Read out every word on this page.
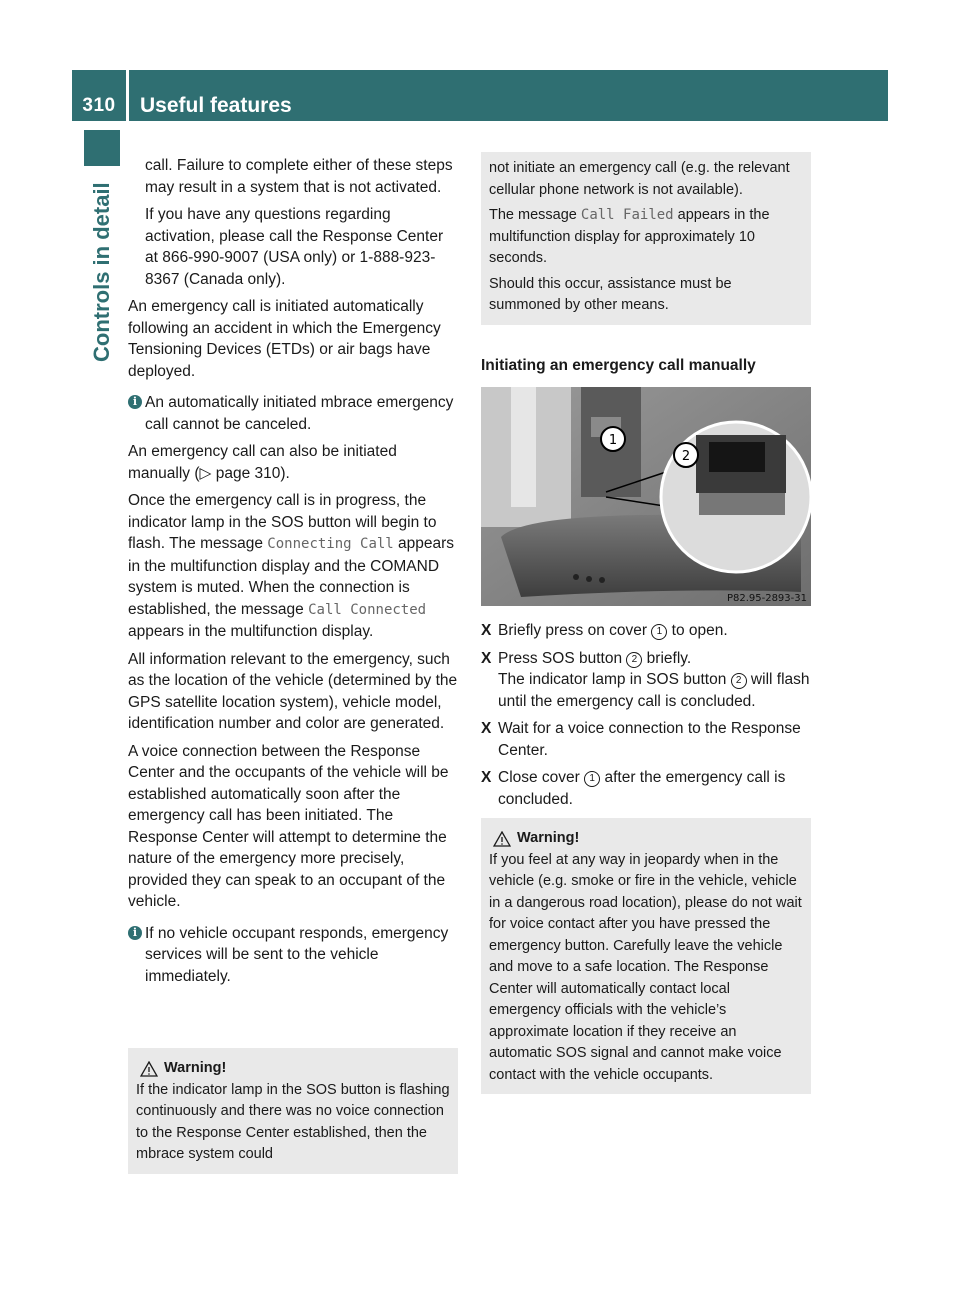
310	Useful features
Controls in detail

call. Failure to complete either of these steps may result in a system that is not activated.

If you have any questions regarding activation, please call the Response Center at 866-990-9007 (USA only) or 1-888-923-8367 (Canada only).

An emergency call is initiated automatically following an accident in which the Emergency Tensioning Devices (ETDs) or air bags have deployed.

i An automatically initiated mbrace emergency call cannot be canceled.

An emergency call can also be initiated manually (▷ page 310).

Once the emergency call is in progress, the indicator lamp in the SOS button will begin to flash. The message Connecting Call appears in the multifunction display and the COMAND system is muted. When the connection is established, the message Call Connected appears in the multifunction display.

All information relevant to the emergency, such as the location of the vehicle (determined by the GPS satellite location system), vehicle model, identification number and color are generated.

A voice connection between the Response Center and the occupants of the vehicle will be established automatically soon after the emergency call has been initiated. The Response Center will attempt to determine the nature of the emergency more precisely, provided they can speak to an occupant of the vehicle.

i If no vehicle occupant responds, emergency services will be sent to the vehicle immediately.
Warning!
If the indicator lamp in the SOS button is flashing continuously and there was no voice connection to the Response Center established, then the mbrace system could
not initiate an emergency call (e.g. the relevant cellular phone network is not available).
The message Call Failed appears in the multifunction display for approximately 10 seconds.
Should this occur, assistance must be summoned by other means.
Initiating an emergency call manually
1
2
P82.95-2893-31
X Briefly press on cover 1 to open.
X Press SOS button 2 briefly.
The indicator lamp in SOS button 2 will flash until the emergency call is concluded.
X Wait for a voice connection to the Response Center.
X Close cover 1 after the emergency call is concluded.
Warning!
If you feel at any way in jeopardy when in the vehicle (e.g. smoke or fire in the vehicle, vehicle in a dangerous road location), please do not wait for voice contact after you have pressed the emergency button. Carefully leave the vehicle and move to a safe location. The Response Center will automatically contact local emergency officials with the vehicle’s approximate location if they receive an automatic SOS signal and cannot make voice contact with the vehicle occupants.
